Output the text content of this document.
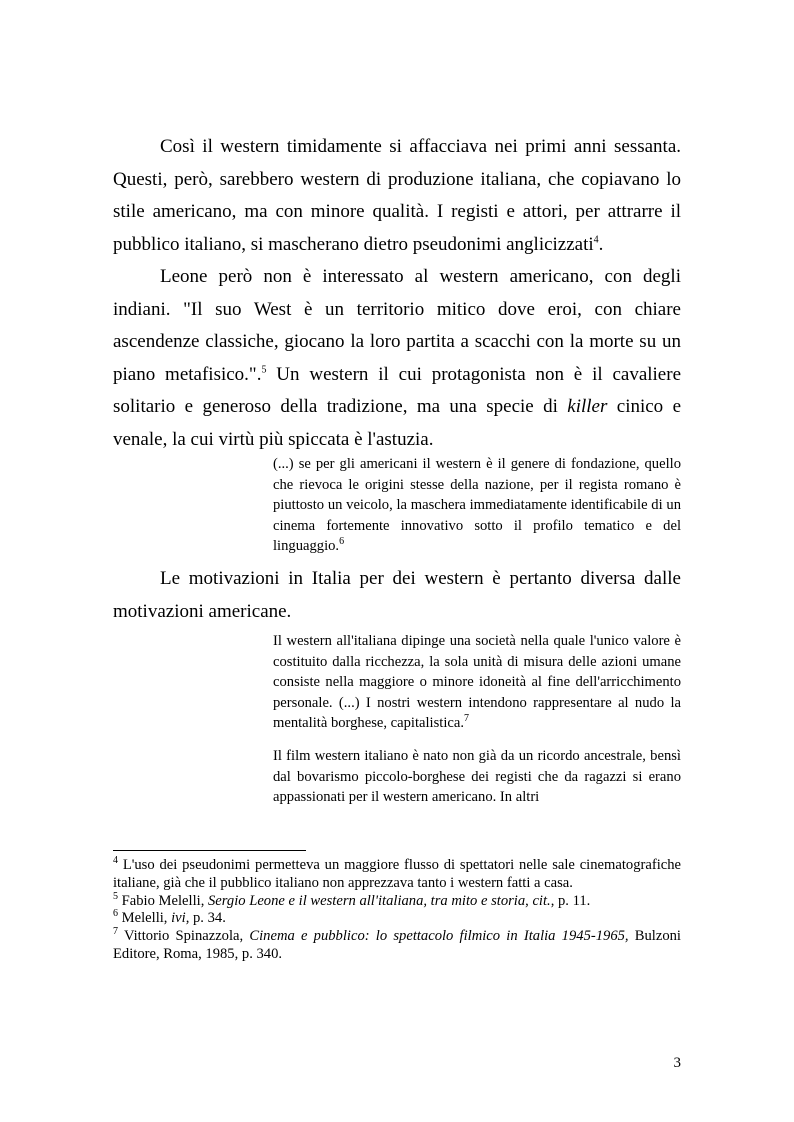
Così il western timidamente si affacciava nei primi anni sessanta. Questi, però, sarebbero western di produzione italiana, che copiavano lo stile americano, ma con minore qualità. I registi e attori, per attrarre il pubblico italiano, si mascherano dietro pseudonimi anglicizzati$^4$.

Leone però non è interessato al western americano, con degli indiani. "Il suo West è un territorio mitico dove eroi, con chiare ascendenze classiche, giocano la loro partita a scacchi con la morte su un piano metafisico.".$^5$ Un western il cui protagonista non è il cavaliere solitario e generoso della tradizione, ma una specie di killer cinico e venale, la cui virtù più spiccata è l'astuzia.

(...) se per gli americani il western è il genere di fondazione, quello che rievoca le origini stesse della nazione, per il regista romano è piuttosto un veicolo, la maschera immediatamente identificabile di un cinema fortemente innovativo sotto il profilo tematico e del linguaggio.$^6$

Le motivazioni in Italia per dei western è pertanto diversa dalle motivazioni americane.

Il western all'italiana dipinge una società nella quale l'unico valore è costituito dalla ricchezza, la sola unità di misura delle azioni umane consiste nella maggiore o minore idoneità al fine dell'arricchimento personale. (...) I nostri western intendono rappresentare al nudo la mentalità borghese, capitalistica.$^7$

Il film western italiano è nato non già da un ricordo ancestrale, bensì dal bovarismo piccolo-borghese dei registi che da ragazzi si erano appassionati per il western americano. In altri

$^4$ L'uso dei pseudonimi permetteva un maggiore flusso di spettatori nelle sale cinematografiche italiane, già che il pubblico italiano non apprezzava tanto i western fatti a casa.

$^5$ Fabio Melelli, Sergio Leone e il western all'italiana, tra mito e storia, cit., p. 11.

$^6$ Melelli, ivi, p. 34.

$^7$ Vittorio Spinazzola, Cinema e pubblico: lo spettacolo filmico in Italia 1945-1965, Bulzoni Editore, Roma, 1985, p. 340.

3
